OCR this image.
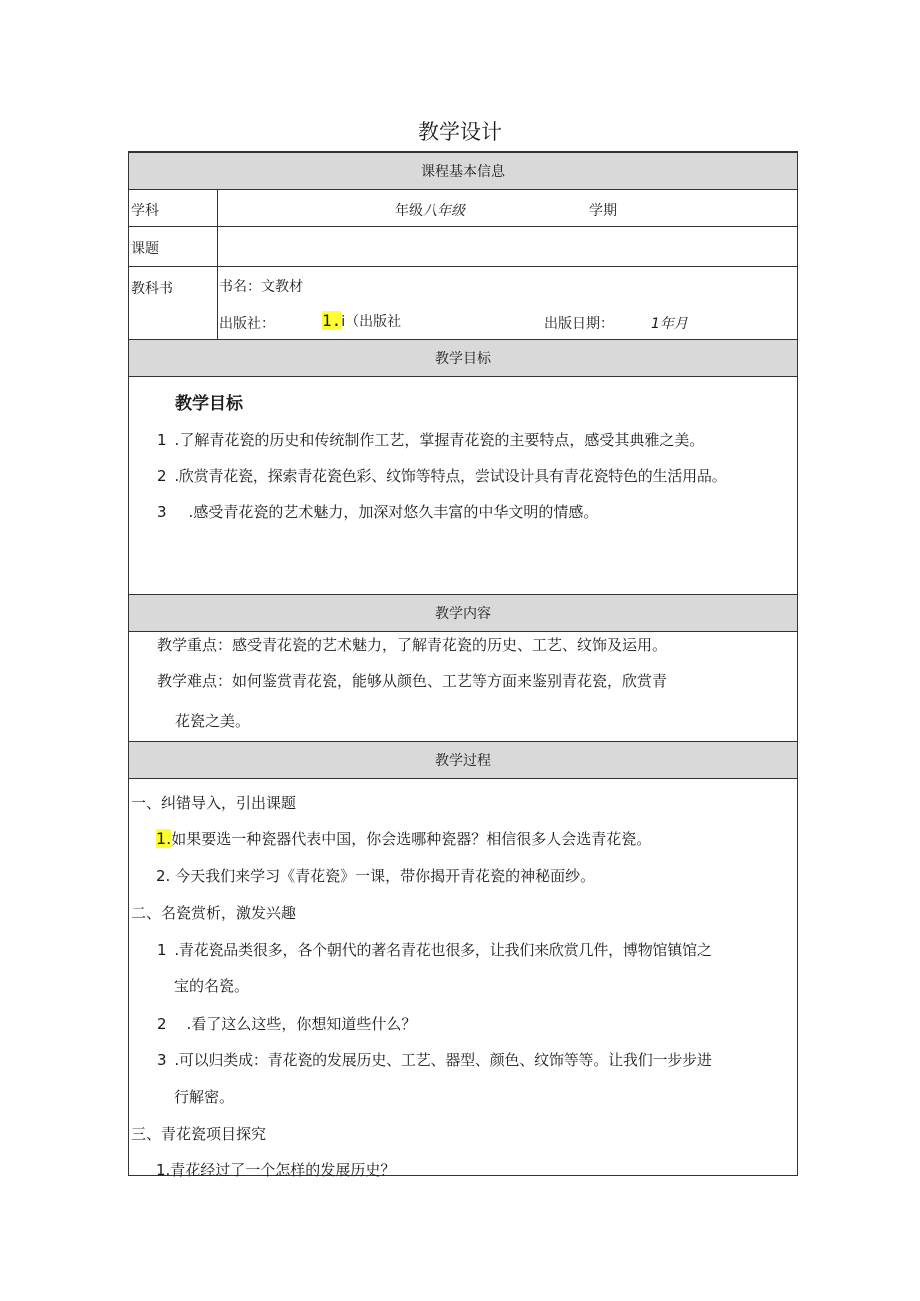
教学设计
课程基本信息
学科	年级八年级	学期
课题
教科书	书名：文教材
出版社：	1.i（出版社	出版日期：	1年月
教学目标
教学目标
1 .了解青花瓷的历史和传统制作工艺，掌握青花瓷的主要特点，感受其典雅之美。
2 .欣赏青花瓷，探索青花瓷色彩、纹饰等特点，尝试设计具有青花瓷特色的生活用品。
3 .感受青花瓷的艺术魅力，加深对悠久丰富的中华文明的情感。
教学内容
教学重点：感受青花瓷的艺术魅力，了解青花瓷的历史、工艺、纹饰及运用。
教学难点：如何鉴赏青花瓷，能够从颜色、工艺等方面来鉴别青花瓷，欣赏青
花瓷之美。
教学过程
一、纠错导入，引出课题
1.如果要选一种瓷器代表中国，你会选哪种瓷器？相信很多人会选青花瓷。
2. 今天我们来学习《青花瓷》一课，带你揭开青花瓷的神秘面纱。
二、名瓷赏析，激发兴趣
1 .青花瓷品类很多，各个朝代的著名青花也很多，让我们来欣赏几件，博物馆镇馆之
宝的名瓷。
2 .看了这么这些，你想知道些什么？
3 .可以归类成：青花瓷的发展历史、工艺、器型、颜色、纹饰等等。让我们一步步进
行解密。
三、青花瓷项目探究
1.青花经过了一个怎样的发展历史？
